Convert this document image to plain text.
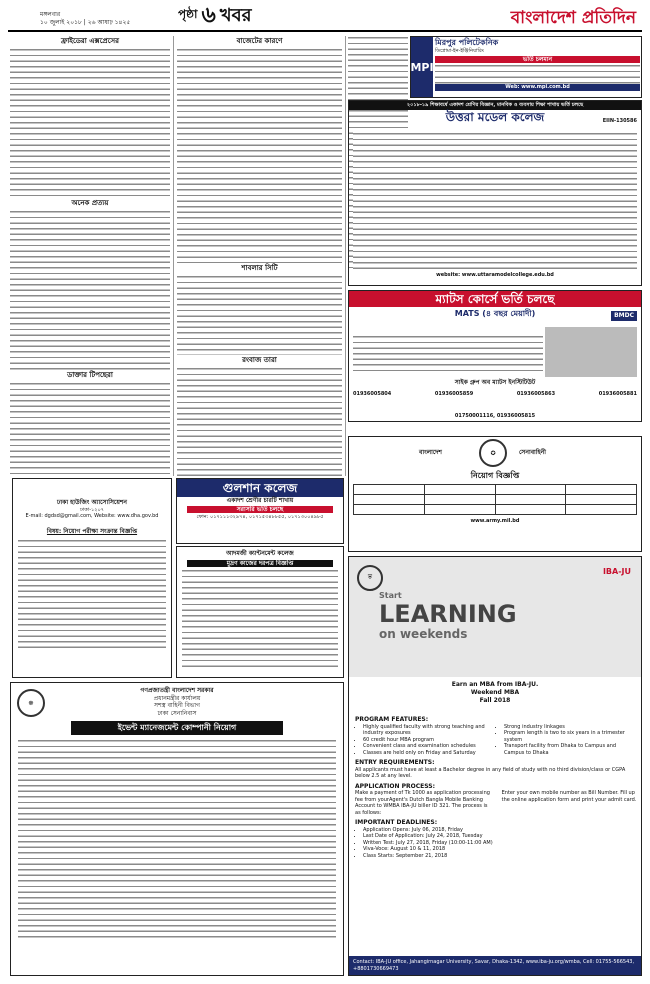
মঙ্গলবার
১০ জুলাই ২০১৮ | ২৬ আষাঢ় ১৪২৫
পৃষ্ঠা ৬ খবর	বাংলাদেশ প্রতিদিন
ফ্রাইডেরা এক্সপ্রেসের
অনেক প্রত্যয়
ডাক্তার টিপছেরা
বাজেটের কারণে
শাবলার সিটি
রংবাজ তারা
ঢাকা হাউজিং অ্যাসোসিয়েশন
ঢাকা-১২০৭
E-mail: dgdsd@gmail.com, Website: www.dha.gov.bd
বিষয়: নিয়োগ পরীক্ষা সংক্রান্ত বিজ্ঞপ্তি
গুলশান কলেজ
একাদশ শ্রেণীর চারটি শাখায়
সরাসরি ভর্তি চলছে
ফোন: ০১৭১১১৩২৯৭৪, ০১৭১৫৩৪৮৮৫৫, ০১৭১৩০০৪৯৮৫
আদমজী ক্যান্টনমেন্ট কলেজ
মুদ্রণ কাজের দরপত্র বিজ্ঞপ্তি
☸
গণপ্রজাতন্ত্রী বাংলাদেশ সরকার
প্রধানমন্ত্রীর কার্যালয়
সশস্ত্র বাহিনী বিভাগ
ঢাকা সেনানিবাস
ইভেন্ট ম্যানেজমেন্ট কোম্পানী নিয়োগ
MPI
মিরপুর পলিটেকনিক
ডিপ্লোমা-ইন-ইঞ্জিনিয়ারিং
ভর্তি চলমান
Web: www.mpi.com.bd
২০১৮-১৯ শিক্ষাবর্ষে একাদশ শ্রেণির বিজ্ঞান, মানবিক ও ব্যবসায় শিক্ষা শাখায় ভর্তি চলছে
উত্তরা মডেল কলেজ	EIIN-130586
website: www.uttaramodelcollege.edu.bd
ম্যাটস কোর্সে ভর্তি চলছে
BMDC
MATS (৪ বছর মেয়াদী)
সাইক গ্রুপ অব ম্যাটস ইনস্টিটিউট
01936005804	01936005859	01936005863	01936005881
01750001116, 01936005815
বাংলাদেশ	✪	সেনাবাহিনী
নিয়োগ বিজ্ঞপ্তি

www.army.mil.bd
⛨
IBA-JU
Start
LEARNING
on weekends
Earn an MBA from IBA-JU.
Weekend MBA
Fall 2018
PROGRAM FEATURES:
• Highly qualified faculty with strong teaching and industry exposures
• 60 credit hour MBA program
• Convenient class and examination schedules
• Classes are held only on Friday and Saturday
• Strong industry linkages
• Program length is two to six years in a trimester system
• Transport facility from Dhaka to Campus and Campus to Dhaka
ENTRY REQUIREMENTS:
All applicants must have at least a Bachelor degree in any field of study with no third division/class or CGPA below 2.5 at any level.
APPLICATION PROCESS:
Make a payment of Tk 1000 as application processing fee from yourAgent's Dutch Bangla Mobile Banking Account to WMBA IBA-JU biller ID 321. The process is as follows:
Enter your own mobile number as Bill Number. Fill up the online application form and print your admit card.
IMPORTANT DEADLINES:
• Application Opens: July 06, 2018, Friday
• Last Date of Application: July 24, 2018, Tuesday
• Written Test: July 27, 2018, Friday (10:00-11:00 AM)
• Viva-Voce: August 10 & 11, 2018
• Class Starts: September 21, 2018
Contact: IBA-JU office, Jahangirnagar University, Savar, Dhaka-1342, www.iba-ju.org/wmba, Cell: 01755-566543, +8801730669473
